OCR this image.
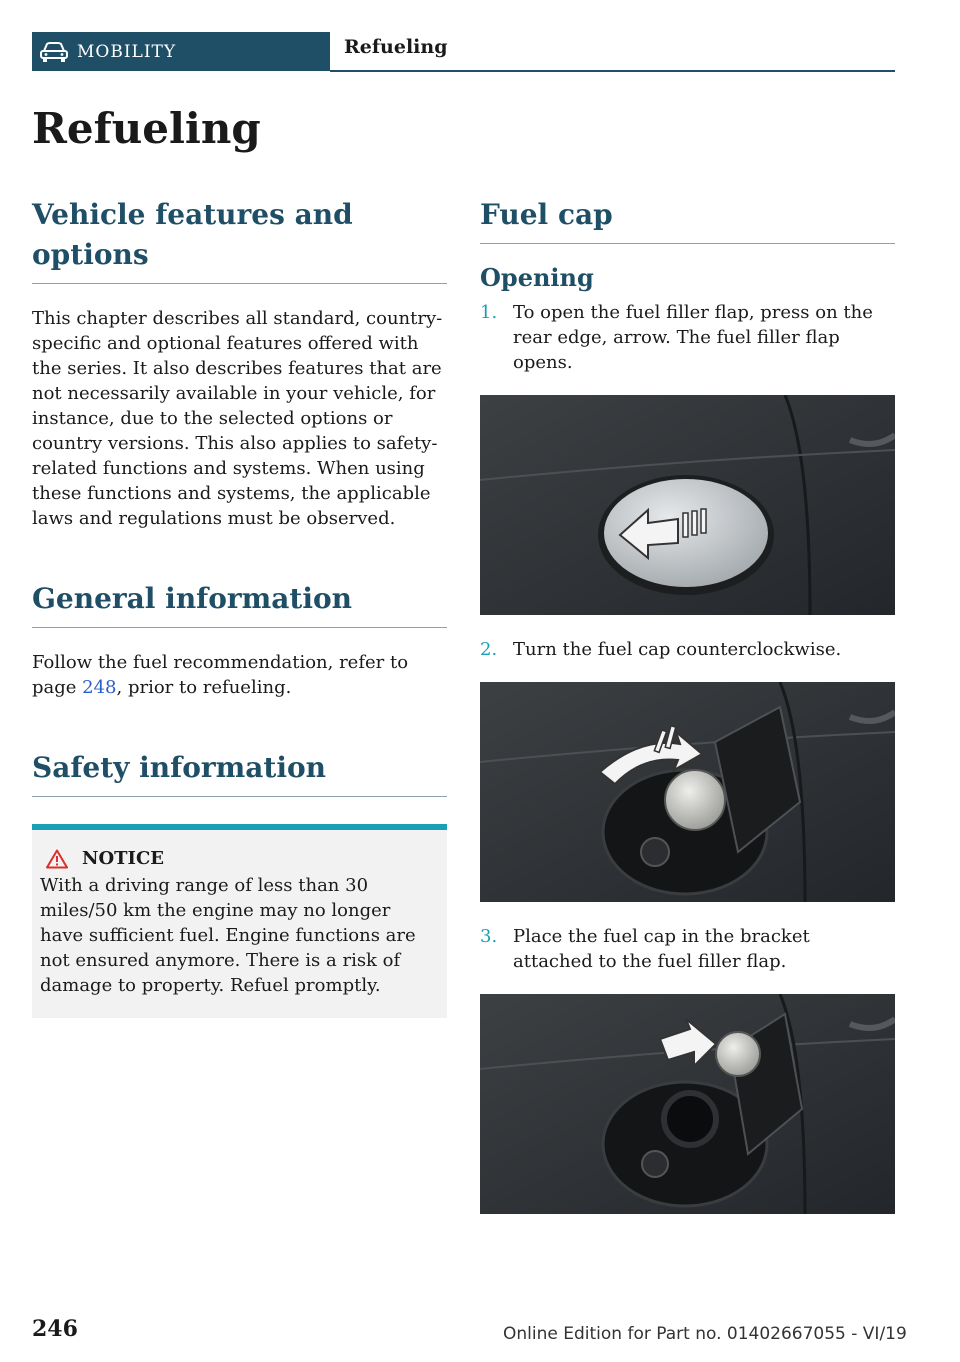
MOBILITY	Refueling
Refueling
Vehicle features and options

This chapter describes all standard, country-specific and optional features offered with the series. It also describes features that are not necessarily available in your vehicle, for instance, due to the selected options or country versions. This also applies to safety-related functions and systems. When using these functions and systems, the applicable laws and regulations must be observed.

General information

Follow the fuel recommendation, refer to page 248, prior to refueling.

Safety information
NOTICE

With a driving range of less than 30 miles/50 km the engine may no longer have sufficient fuel. Engine functions are not ensured anymore. There is a risk of damage to property. Refuel promptly.

Fuel cap
Opening
1. To open the fuel filler flap, press on the rear edge, arrow. The fuel filler flap opens.
2. Turn the fuel cap counterclockwise.
3. Place the fuel cap in the bracket attached to the fuel filler flap.
246	Online Edition for Part no. 01402667055 - VI/19
